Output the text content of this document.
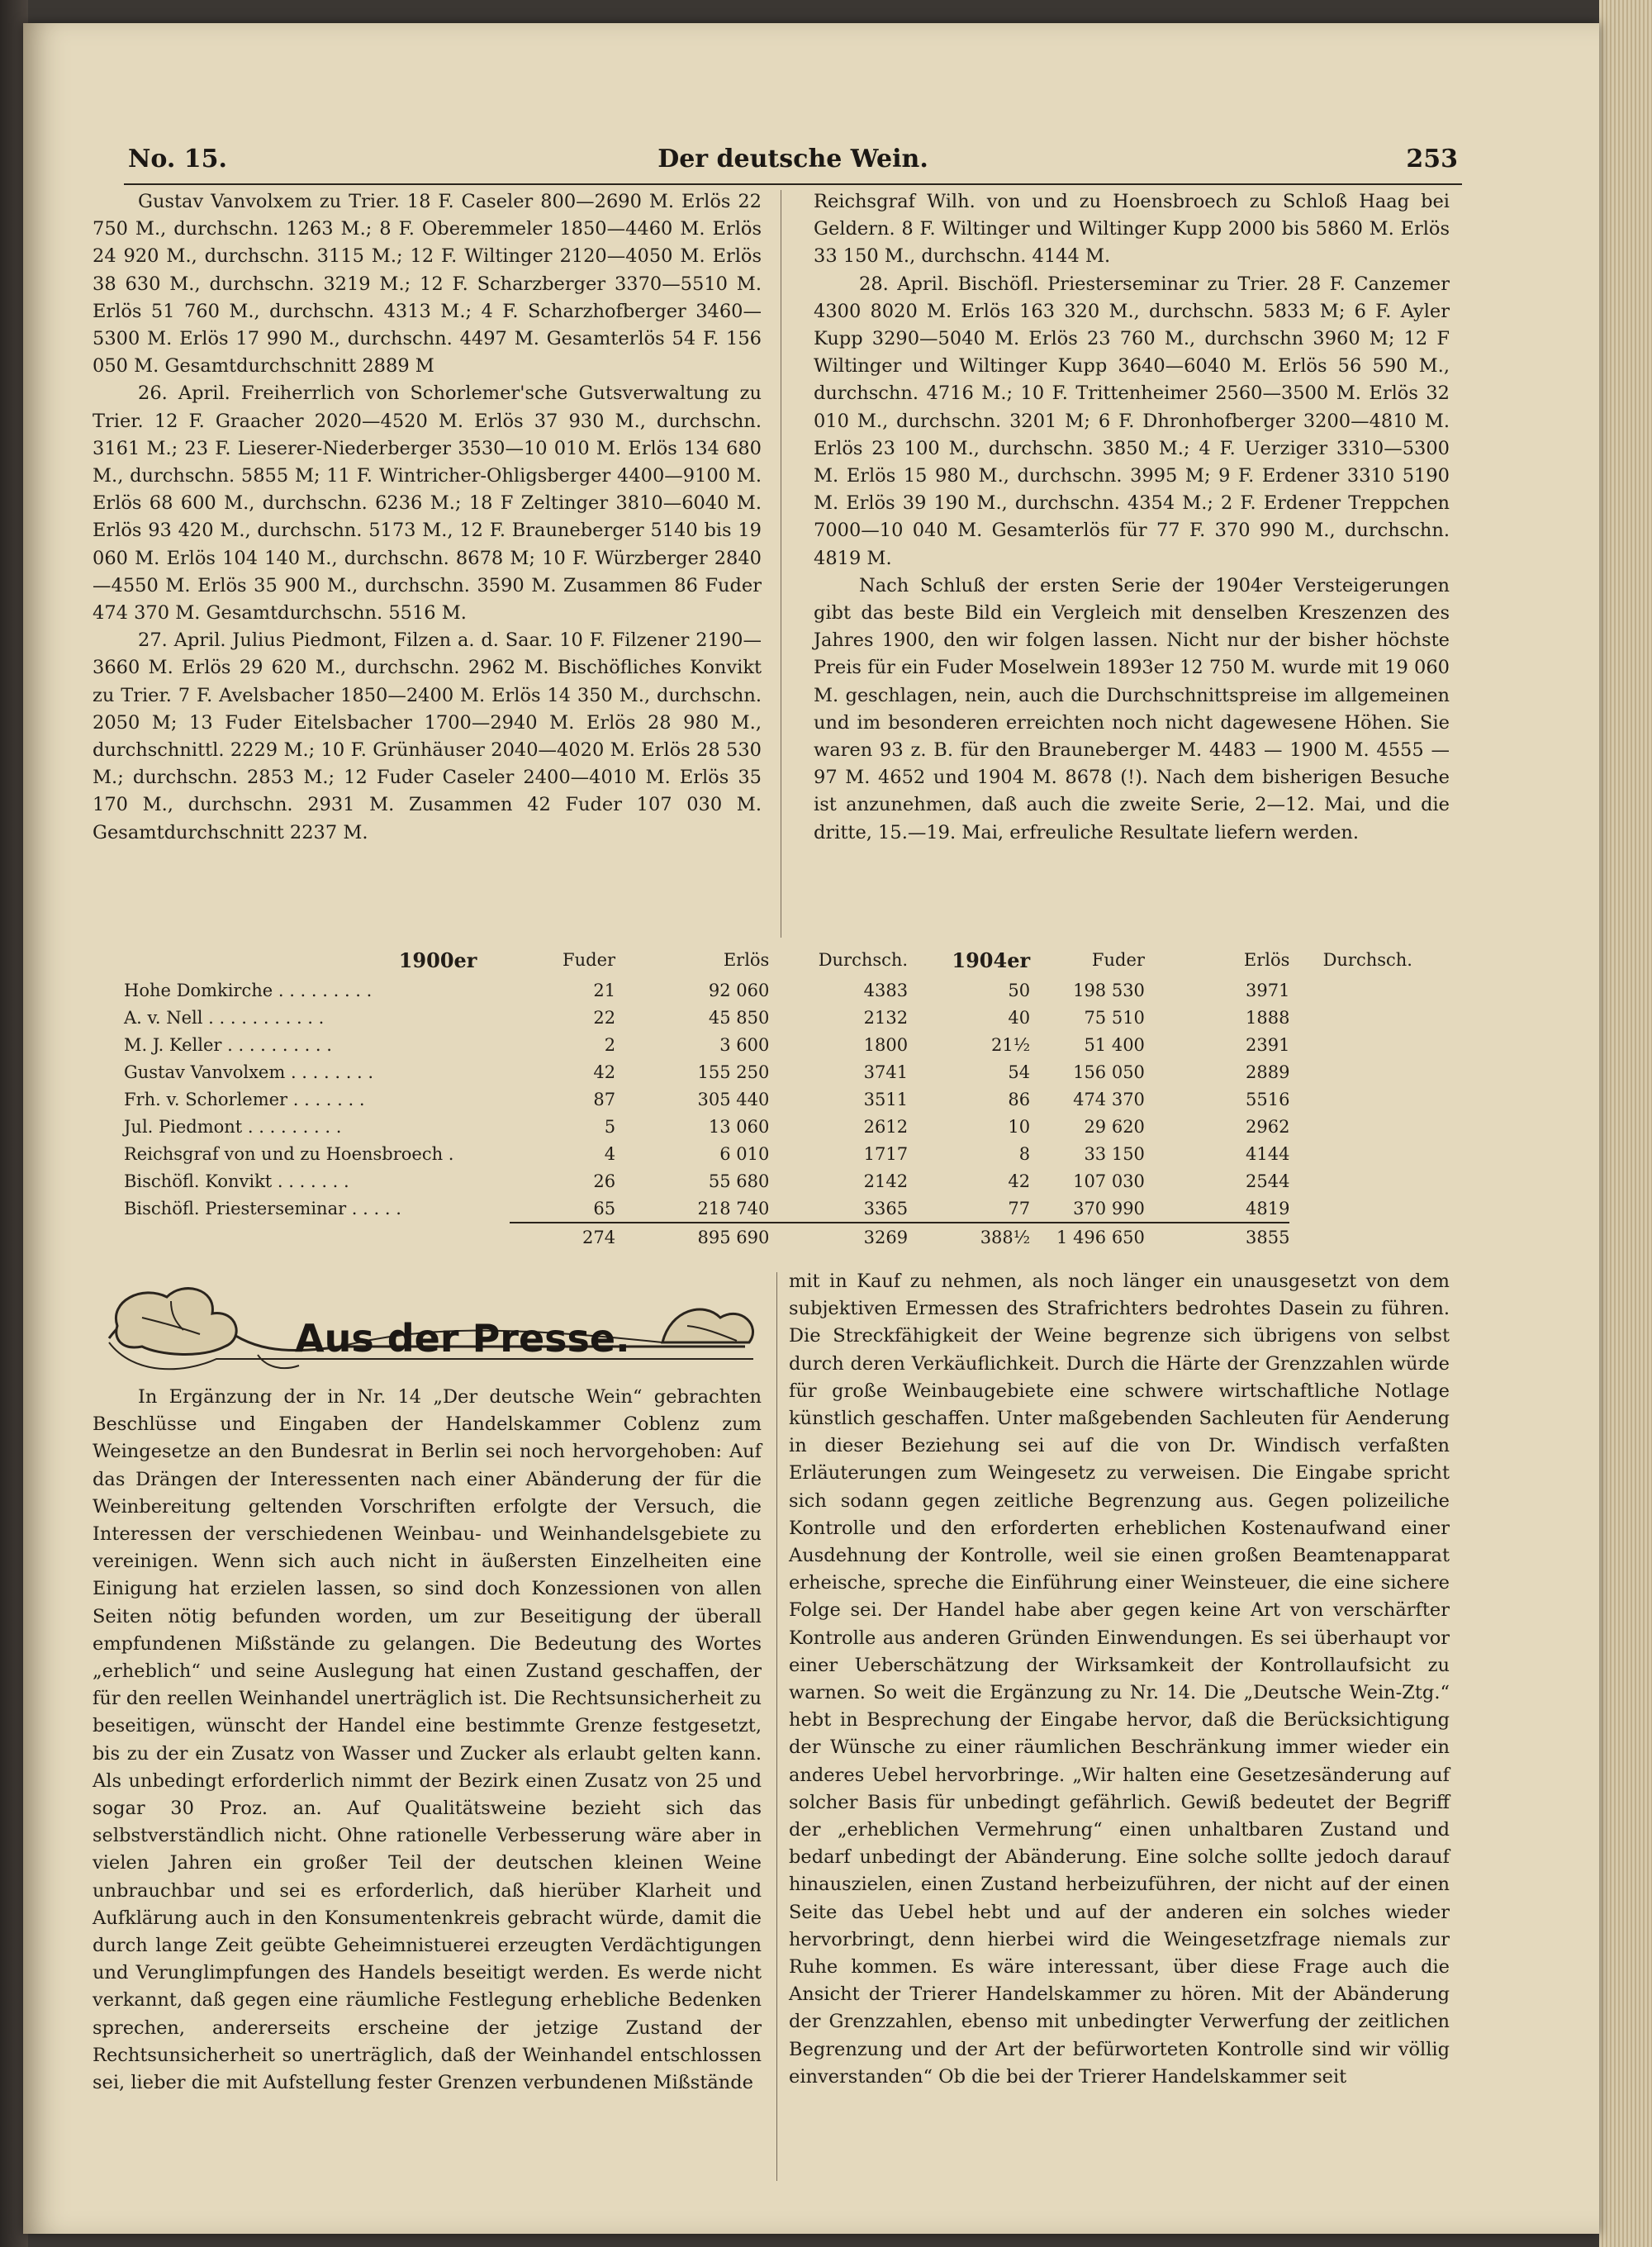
No. 15.	Der deutsche Wein.	253

Gustav Vanvolxem zu Trier. 18 F. Caseler 800—2690 M. Erlös 22 750 M., durchschn. 1263 M.; 8 F. Oberemmeler 1850—4460 M. Erlös 24 920 M., durchschn. 3115 M.; 12 F. Wiltinger 2120—4050 M. Erlös 38 630 M., durchschn. 3219 M.; 12 F. Scharzberger 3370—5510 M. Erlös 51 760 M., durchschn. 4313 M.; 4 F. Scharzhofberger 3460—5300 M. Erlös 17 990 M., durchschn. 4497 M. Gesamterlös 54 F. 156 050 M. Gesamtdurchschnitt 2889 M

26. April. Freiherrlich von Schorlemer'sche Gutsverwaltung zu Trier. 12 F. Graacher 2020—4520 M. Erlös 37 930 M., durchschn. 3161 M.; 23 F. Lieserer-Niederberger 3530—10 010 M. Erlös 134 680 M., durchschn. 5855 M; 11 F. Wintricher-Ohligsberger 4400—9100 M. Erlös 68 600 M., durchschn. 6236 M.; 18 F Zeltinger 3810—6040 M. Erlös 93 420 M., durchschn. 5173 M., 12 F. Brauneberger 5140 bis 19 060 M. Erlös 104 140 M., durchschn. 8678 M; 10 F. Würzberger 2840—4550 M. Erlös 35 900 M., durchschn. 3590 M. Zusammen 86 Fuder 474 370 M. Gesamtdurchschn. 5516 M.

27. April. Julius Piedmont, Filzen a. d. Saar. 10 F. Filzener 2190—3660 M. Erlös 29 620 M., durchschn. 2962 M. Bischöfliches Konvikt zu Trier. 7 F. Avelsbacher 1850—2400 M. Erlös 14 350 M., durchschn. 2050 M; 13 Fuder Eitelsbacher 1700—2940 M. Erlös 28 980 M., durchschnittl. 2229 M.; 10 F. Grünhäuser 2040—4020 M. Erlös 28 530 M.; durchschn. 2853 M.; 12 Fuder Caseler 2400—4010 M. Erlös 35 170 M., durchschn. 2931 M. Zusammen 42 Fuder 107 030 M. Gesamtdurchschnitt 2237 M.

Reichsgraf Wilh. von und zu Hoensbroech zu Schloß Haag bei Geldern. 8 F. Wiltinger und Wiltinger Kupp 2000 bis 5860 M. Erlös 33 150 M., durchschn. 4144 M.

28. April. Bischöfl. Priesterseminar zu Trier. 28 F. Canzemer 4300 8020 M. Erlös 163 320 M., durchschn. 5833 M; 6 F. Ayler Kupp 3290—5040 M. Erlös 23 760 M., durchschn 3960 M; 12 F Wiltinger und Wiltinger Kupp 3640—6040 M. Erlös 56 590 M., durchschn. 4716 M.; 10 F. Trittenheimer 2560—3500 M. Erlös 32 010 M., durchschn. 3201 M; 6 F. Dhronhofberger 3200—4810 M. Erlös 23 100 M., durchschn. 3850 M.; 4 F. Uerziger 3310—5300 M. Erlös 15 980 M., durchschn. 3995 M; 9 F. Erdener 3310 5190 M. Erlös 39 190 M., durchschn. 4354 M.; 2 F. Erdener Treppchen 7000—10 040 M. Gesamterlös für 77 F. 370 990 M., durchschn. 4819 M.

Nach Schluß der ersten Serie der 1904er Versteigerungen gibt das beste Bild ein Vergleich mit denselben Kreszenzen des Jahres 1900, den wir folgen lassen. Nicht nur der bisher höchste Preis für ein Fuder Moselwein 1893er 12 750 M. wurde mit 19 060 M. geschlagen, nein, auch die Durchschnittspreise im allgemeinen und im besonderen erreichten noch nicht dagewesene Höhen. Sie waren 93 z. B. für den Brauneberger M. 4483 — 1900 M. 4555 — 97 M. 4652 und 1904 M. 8678 (!). Nach dem bisherigen Besuche ist anzunehmen, daß auch die zweite Serie, 2—12. Mai, und die dritte, 15.—19. Mai, erfreuliche Resultate liefern werden.

1900er	Fuder	Erlös	Durchsch.	1904er	Fuder	Erlös	Durchsch.
Hohe Domkirche . . . . . . . . .	21	92 060	4383	50	198 530	3971	
A. v. Nell . . . . . . . . . . .	22	45 850	2132	40	75 510	1888	
M. J. Keller . . . . . . . . . .	2	3 600	1800	21½	51 400	2391	
Gustav Vanvolxem . . . . . . . .	42	155 250	3741	54	156 050	2889	
Frh. v. Schorlemer . . . . . . .	87	305 440	3511	86	474 370	5516	
Jul. Piedmont . . . . . . . . .	5	13 060	2612	10	29 620	2962	
Reichsgraf von und zu Hoensbroech .	4	6 010	1717	8	33 150	4144	
Bischöfl. Konvikt . . . . . . .	26	55 680	2142	42	107 030	2544	
Bischöfl. Priesterseminar . . . . .	65	218 740	3365	77	370 990	4819	
	274	895 690	3269	388½	1 496 650	3855	
Aus der Presse.

In Ergänzung der in Nr. 14 „Der deutsche Wein“ gebrachten Beschlüsse und Eingaben der Handelskammer Coblenz zum Weingesetze an den Bundesrat in Berlin sei noch hervorgehoben: Auf das Drängen der Interessenten nach einer Abänderung der für die Weinbereitung geltenden Vorschriften erfolgte der Versuch, die Interessen der verschiedenen Weinbau- und Weinhandelsgebiete zu vereinigen. Wenn sich auch nicht in äußersten Einzelheiten eine Einigung hat erzielen lassen, so sind doch Konzessionen von allen Seiten nötig befunden worden, um zur Beseitigung der überall empfundenen Mißstände zu gelangen. Die Bedeutung des Wortes „erheblich“ und seine Auslegung hat einen Zustand geschaffen, der für den reellen Weinhandel unerträglich ist. Die Rechtsunsicherheit zu beseitigen, wünscht der Handel eine bestimmte Grenze festgesetzt, bis zu der ein Zusatz von Wasser und Zucker als erlaubt gelten kann. Als unbedingt erforderlich nimmt der Bezirk einen Zusatz von 25 und sogar 30 Proz. an. Auf Qualitätsweine bezieht sich das selbstverständlich nicht. Ohne rationelle Verbesserung wäre aber in vielen Jahren ein großer Teil der deutschen kleinen Weine unbrauchbar und sei es erforderlich, daß hierüber Klarheit und Aufklärung auch in den Konsumentenkreis gebracht würde, damit die durch lange Zeit geübte Geheimnistuerei erzeugten Verdächtigungen und Verunglimpfungen des Handels beseitigt werden. Es werde nicht verkannt, daß gegen eine räumliche Festlegung erhebliche Bedenken sprechen, andererseits erscheine der jetzige Zustand der Rechtsunsicherheit so unerträglich, daß der Weinhandel entschlossen sei, lieber die mit Aufstellung fester Grenzen verbundenen Mißstände

mit in Kauf zu nehmen, als noch länger ein unausgesetzt von dem subjektiven Ermessen des Strafrichters bedrohtes Dasein zu führen. Die Streckfähigkeit der Weine begrenze sich übrigens von selbst durch deren Verkäuflichkeit. Durch die Härte der Grenzzahlen würde für große Weinbaugebiete eine schwere wirtschaftliche Notlage künstlich geschaffen. Unter maßgebenden Sachleuten für Aenderung in dieser Beziehung sei auf die von Dr. Windisch verfaßten Erläuterungen zum Weingesetz zu verweisen. Die Eingabe spricht sich sodann gegen zeitliche Begrenzung aus. Gegen polizeiliche Kontrolle und den erforderten erheblichen Kostenaufwand einer Ausdehnung der Kontrolle, weil sie einen großen Beamtenapparat erheische, spreche die Einführung einer Weinsteuer, die eine sichere Folge sei. Der Handel habe aber gegen keine Art von verschärfter Kontrolle aus anderen Gründen Einwendungen. Es sei überhaupt vor einer Ueberschätzung der Wirksamkeit der Kontrollaufsicht zu warnen. So weit die Ergänzung zu Nr. 14. Die „Deutsche Wein-Ztg.“ hebt in Besprechung der Eingabe hervor, daß die Berücksichtigung der Wünsche zu einer räumlichen Beschränkung immer wieder ein anderes Uebel hervorbringe. „Wir halten eine Gesetzesänderung auf solcher Basis für unbedingt gefährlich. Gewiß bedeutet der Begriff der „erheblichen Vermehrung“ einen unhaltbaren Zustand und bedarf unbedingt der Abänderung. Eine solche sollte jedoch darauf hinauszielen, einen Zustand herbeizuführen, der nicht auf der einen Seite das Uebel hebt und auf der anderen ein solches wieder hervorbringt, denn hierbei wird die Weingesetzfrage niemals zur Ruhe kommen. Es wäre interessant, über diese Frage auch die Ansicht der Trierer Handelskammer zu hören. Mit der Abänderung der Grenzzahlen, ebenso mit unbedingter Verwerfung der zeitlichen Begrenzung und der Art der befürworteten Kontrolle sind wir völlig einverstanden“ Ob die bei der Trierer Handelskammer seit
